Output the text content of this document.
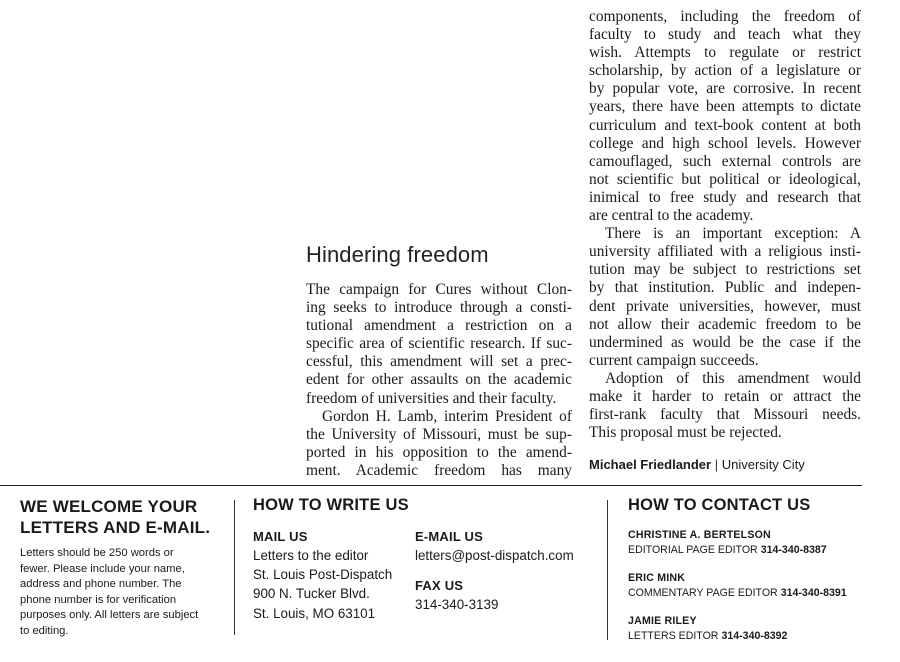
Hindering freedom
The campaign for Cures without Clon-
ing seeks to introduce through a consti-
tutional amendment a restriction on a
specific area of scientific research. If suc-
cessful, this amendment will set a prec-
edent for other assaults on the academic
freedom of universities and their faculty.
Gordon H. Lamb, interim President of
the University of Missouri, must be sup-
ported in his opposition to the amend-
ment. Academic freedom has many
components, including the freedom of
faculty to study and teach what they
wish. Attempts to regulate or restrict
scholarship, by action of a legislature or
by popular vote, are corrosive. In recent
years, there have been attempts to dictate
curriculum and text-book content at both
college and high school levels. However
camouflaged, such external controls are
not scientific but political or ideological,
inimical to free study and research that
are central to the academy.
There is an important exception: A
university affiliated with a religious insti-
tution may be subject to restrictions set
by that institution. Public and indepen-
dent private universities, however, must
not allow their academic freedom to be
undermined as would be the case if the
current campaign succeeds.
Adoption of this amendment would
make it harder to retain or attract the
first-rank faculty that Missouri needs.
This proposal must be rejected.
Michael Friedlander | University City
WE WELCOME YOUR
LETTERS AND E-MAIL.

Letters should be 250 words or
fewer. Please include your name,
address and phone number. The
phone number is for verification
purposes only. All letters are subject
to editing.

HOW TO WRITE US
MAIL US

Letters to the editor
St. Louis Post-Dispatch
900 N. Tucker Blvd.
St. Louis, MO 63101

E-MAIL US

letters@post-dispatch.com

FAX US

314-340-3139

HOW TO CONTACT US
CHRISTINE A. BERTELSON
EDITORIAL PAGE EDITOR 314-340-8387
ERIC MINK
COMMENTARY PAGE EDITOR 314-340-8391
JAMIE RILEY
LETTERS EDITOR 314-340-8392
